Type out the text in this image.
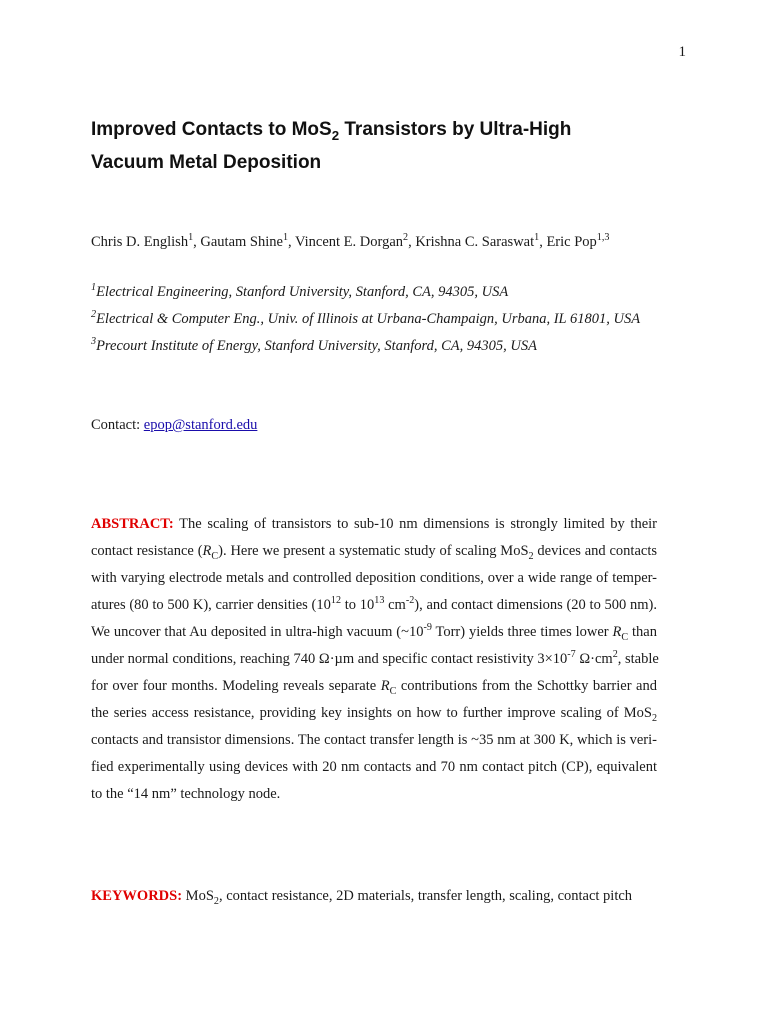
1
Improved Contacts to MoS$_2$ Transistors by Ultra-High
Vacuum Metal Deposition
Chris D. English$^1$, Gautam Shine$^1$, Vincent E. Dorgan$^2$, Krishna C. Saraswat$^1$, Eric Pop$^{1,3}$
$^1$Electrical Engineering, Stanford University, Stanford, CA, 94305, USA
$^2$Electrical & Computer Eng., Univ. of Illinois at Urbana-Champaign, Urbana, IL 61801, USA
$^3$Precourt Institute of Energy, Stanford University, Stanford, CA, 94305, USA
Contact: epop@stanford.edu
ABSTRACT: The scaling of transistors to sub-10 nm dimensions is strongly limited by their
contact resistance $(R_C)$. Here we present a systematic study of scaling MoS$_2$ devices and contacts
with varying electrode metals and controlled deposition conditions, over a wide range of temper-
atures (80 to 500 K), carrier densities ($10^{12}$ to $10^{13}$ $cm^{-2}$), and contact dimensions (20 to 500 nm).
We uncover that Au deposited in ultra-high vacuum ($\sim 10^{-9}$ Torr) yields three times lower $R_C$ than
under normal conditions, reaching 740 Ω·µm and specific contact resistivity $3\times 10^{-7}$ $\Omega\cdot cm^2$, stable
for over four months. Modeling reveals separate $R_C$ contributions from the Schottky barrier and
the series access resistance, providing key insights on how to further improve scaling of MoS$_2$
contacts and transistor dimensions. The contact transfer length is ~35 nm at 300 K, which is veri-
fied experimentally using devices with 20 nm contacts and 70 nm contact pitch (CP), equivalent
to the “14 nm” technology node.
KEYWORDS: MoS$_2$, contact resistance, 2D materials, transfer length, scaling, contact pitch
